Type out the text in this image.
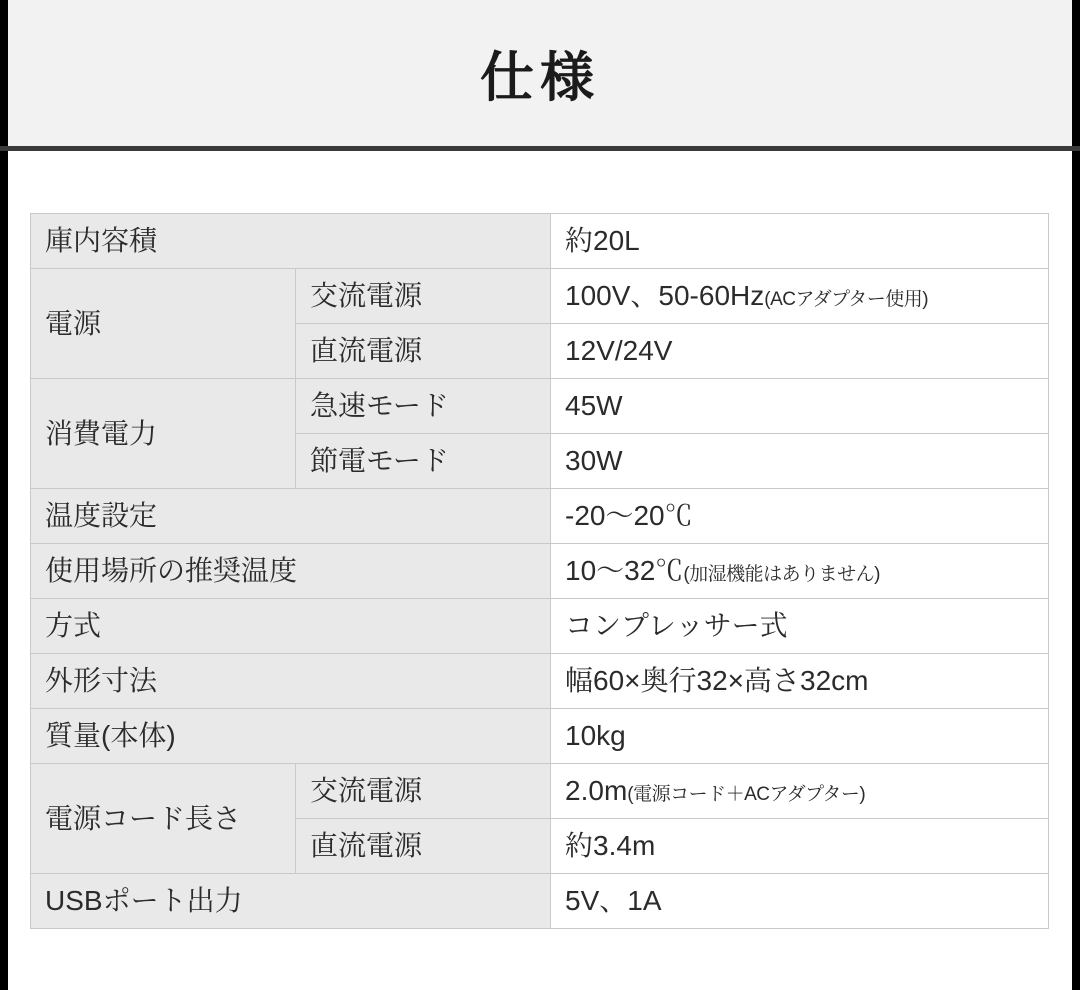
仕様
庫内容積		約20L
電源	交流電源	100V、50-60Hz(ACアダプター使用)
	直流電源	12V/24V
消費電力	急速モード	45W
	節電モード	30W
温度設定		-20〜20℃
使用場所の推奨温度		10〜32℃(加湿機能はありません)
方式		コンプレッサー式
外形寸法		幅60×奥行32×高さ32cm
質量(本体)		10kg
電源コード長さ	交流電源	2.0m(電源コード＋ACアダプター)
	直流電源	約3.4m
USBポート出力		5V、1A
